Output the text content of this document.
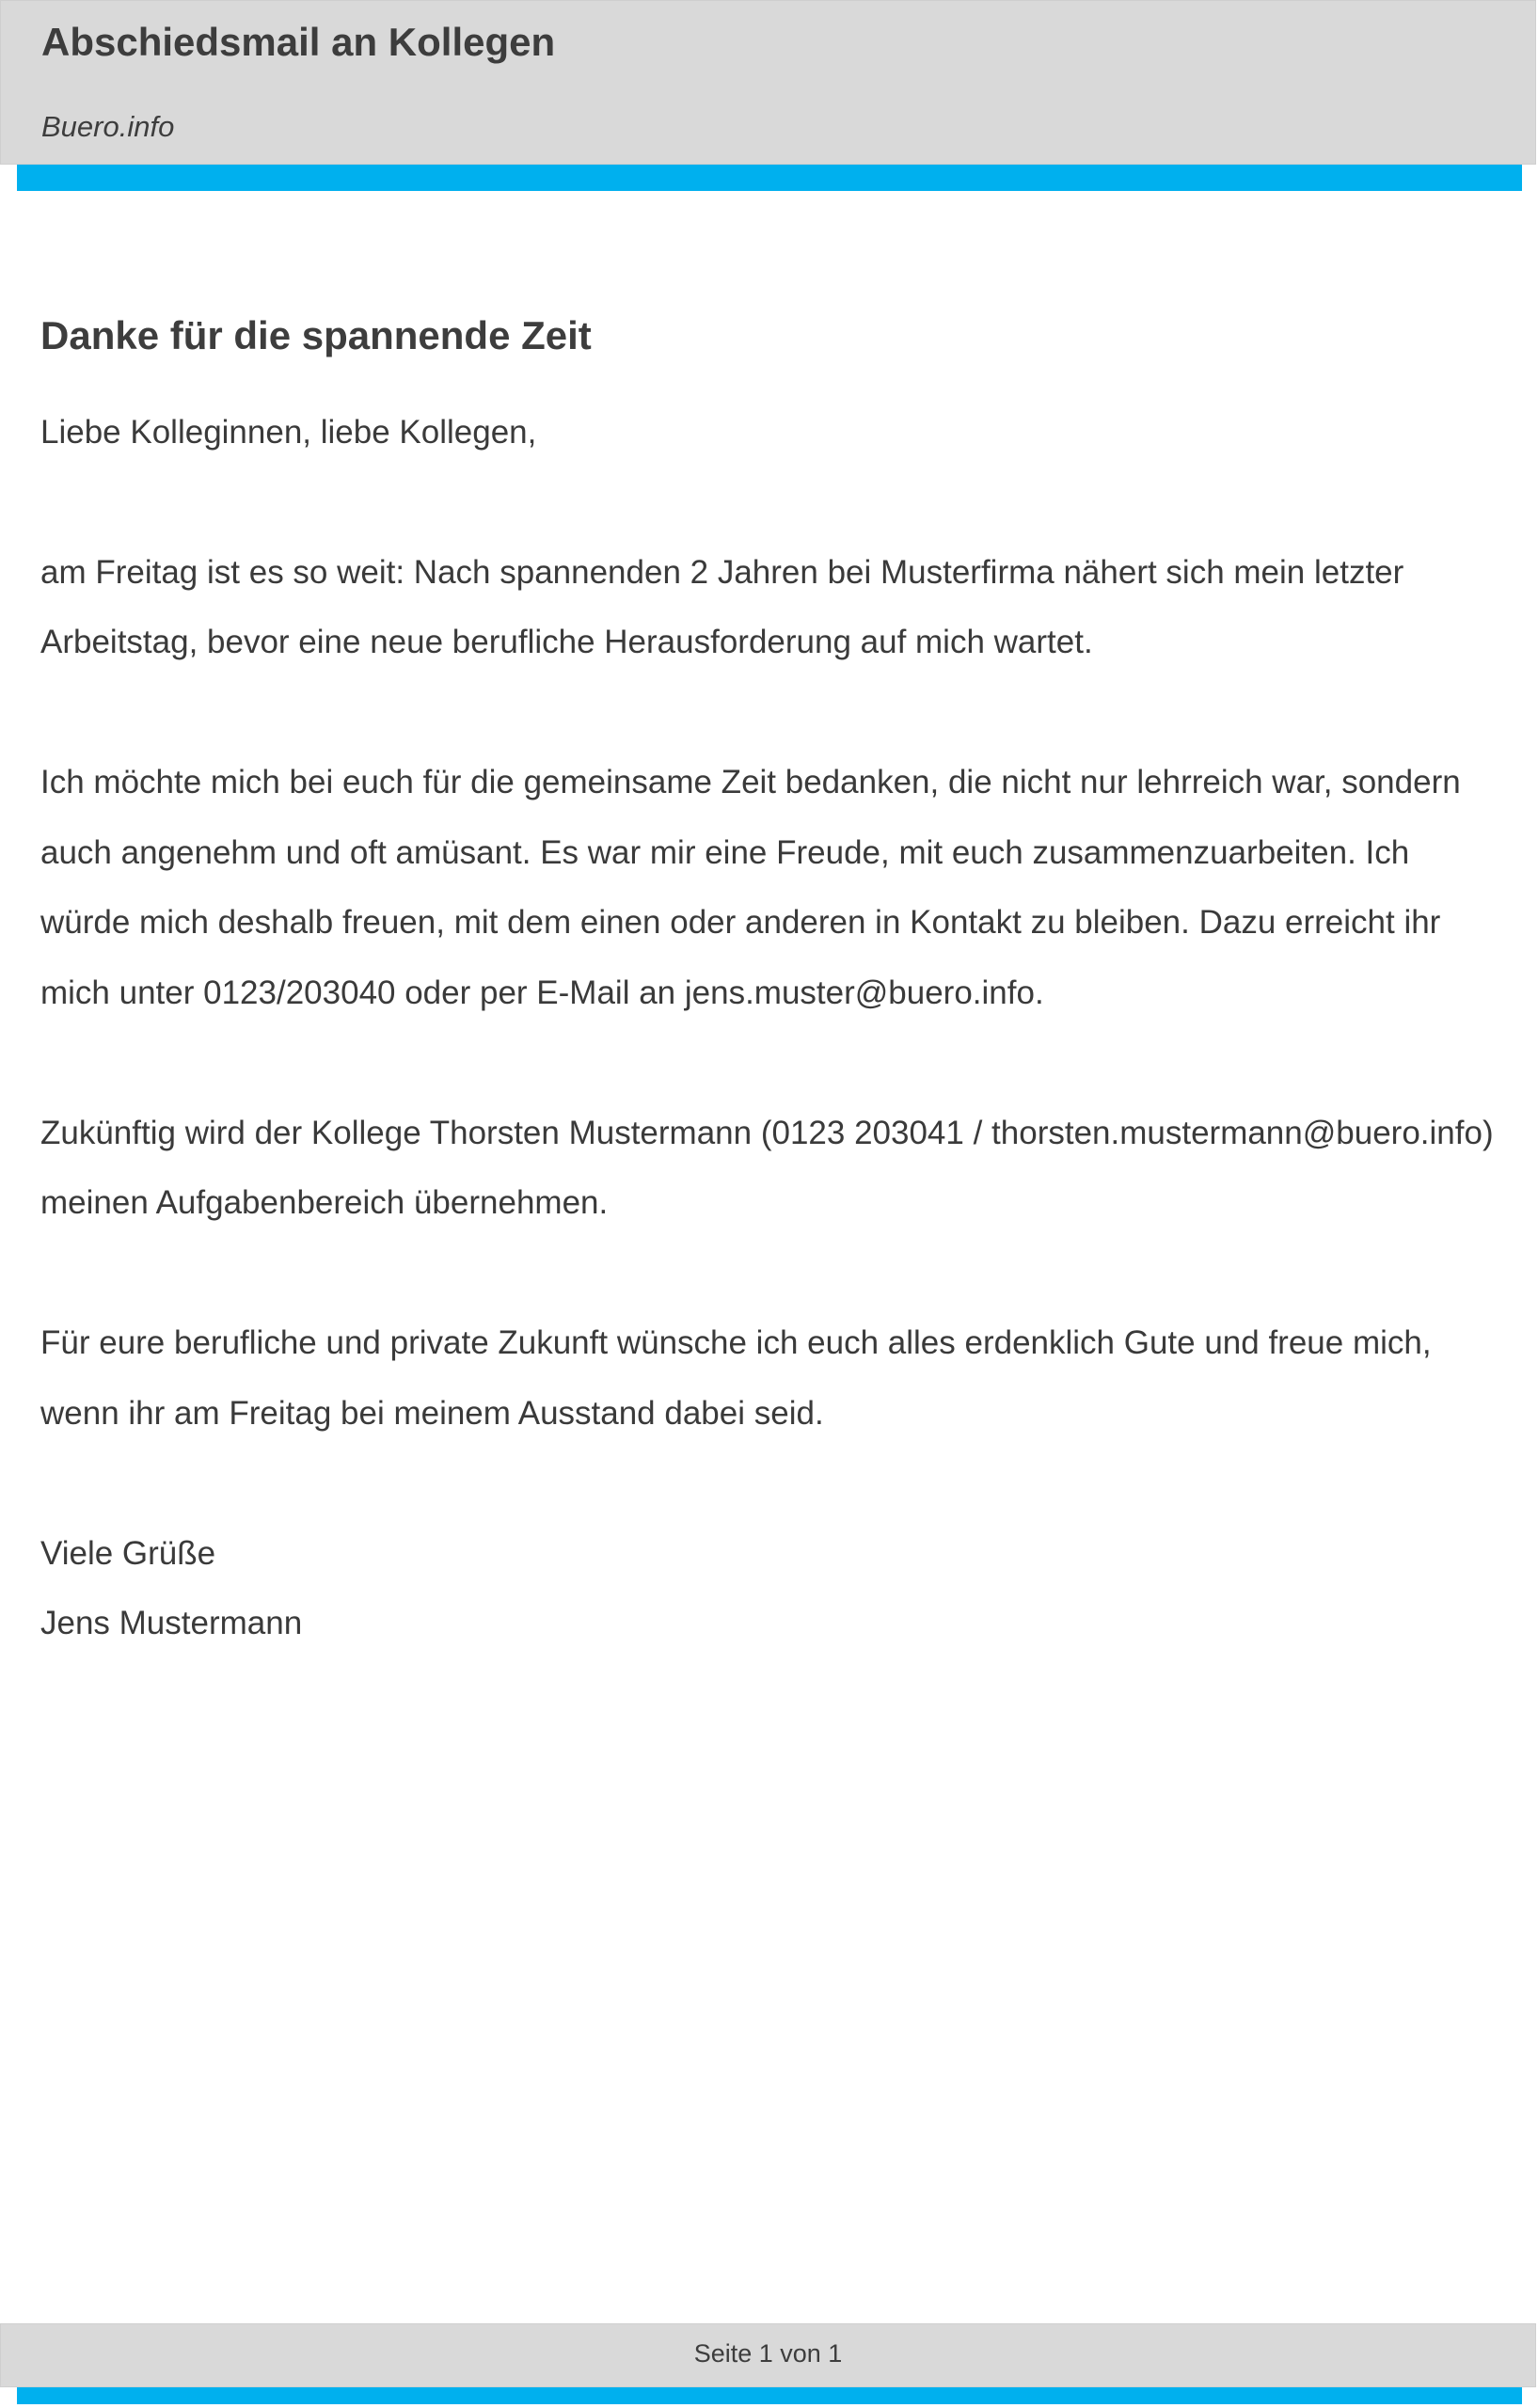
Abschiedsmail an Kollegen
Buero.info
Danke für die spannende Zeit

Liebe Kolleginnen, liebe Kollegen,

am Freitag ist es so weit: Nach spannenden 2 Jahren bei Musterfirma nähert sich mein letzter Arbeitstag, bevor eine neue berufliche Herausforderung auf mich wartet.

Ich möchte mich bei euch für die gemeinsame Zeit bedanken, die nicht nur lehrreich war, sondern auch angenehm und oft amüsant. Es war mir eine Freude, mit euch zusammenzuarbeiten. Ich würde mich deshalb freuen, mit dem einen oder anderen in Kontakt zu bleiben. Dazu erreicht ihr mich unter 0123/203040 oder per E-Mail an jens.muster@buero.info.

Zukünftig wird der Kollege Thorsten Mustermann (0123 203041 / thorsten.mustermann@buero.info) meinen Aufgabenbereich übernehmen.

Für eure berufliche und private Zukunft wünsche ich euch alles erdenklich Gute und freue mich, wenn ihr am Freitag bei meinem Ausstand dabei seid.

Viele Grüße

Jens Mustermann

Seite 1 von 1
